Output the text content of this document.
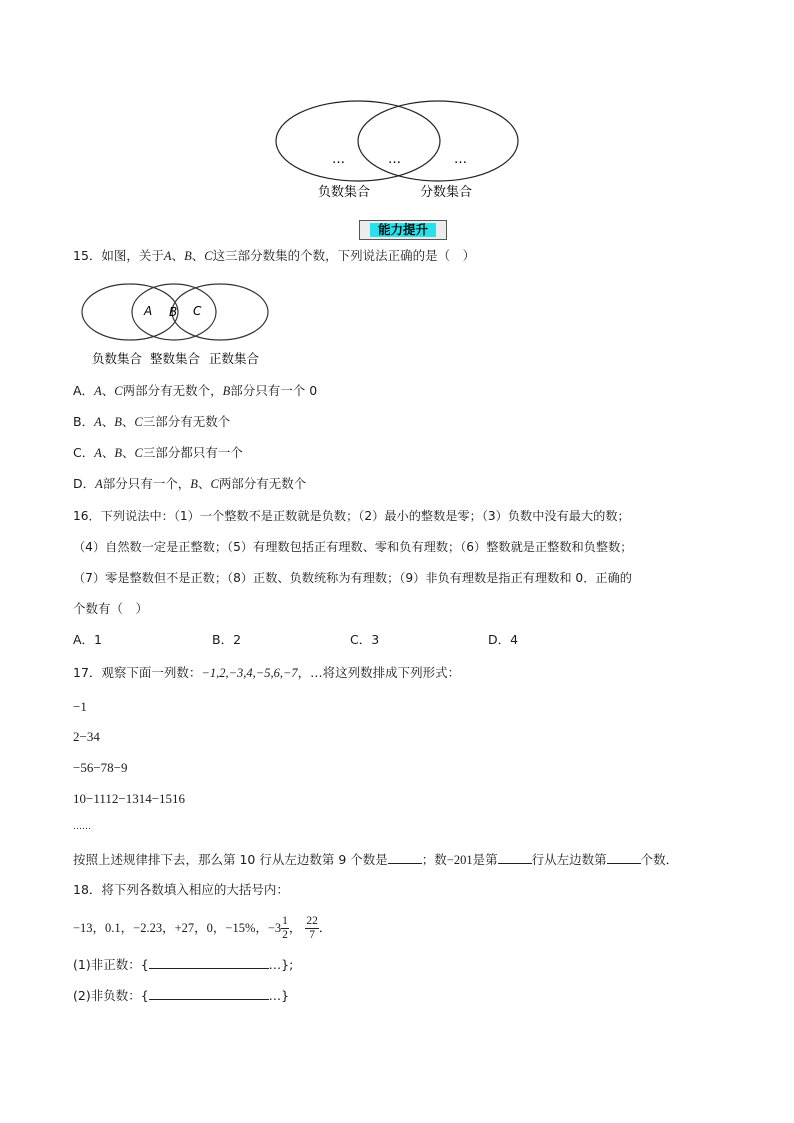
…	…	…
负数集合	分数集合
能力提升
15．如图，关于A、B、C这三部分数集的个数，下列说法正确的是（　）
A B C
负数集合 整数集合 正数集合
A．A、C两部分有无数个，B部分只有一个 0
B．A、B、C三部分有无数个
C．A、B、C三部分都只有一个
D．A部分只有一个，B、C两部分有无数个
16．下列说法中：（1）一个整数不是正数就是负数；（2）最小的整数是零；（3）负数中没有最大的数；
（4）自然数一定是正整数；（5）有理数包括正有理数、零和负有理数；（6）整数就是正整数和负整数；
（7）零是整数但不是正数；（8）正数、负数统称为有理数；（9）非负有理数是指正有理数和 0．正确的
个数有（　）
A．1	B．2	C．3	D．4
17．观察下面一列数：−1,2,−3,4,−5,6,−7，…将这列数排成下列形式：
−1
2−34
−56−78−9
10−1112−1314−1516
……
按照上述规律排下去，那么第 10 行从左边数第 9 个数是	；数−201是第	行从左边数第	个数．
18．将下列各数填入相应的大括号内：
−13，0.1，−2.23，+27，0，−15%，$-3 \frac{1}{2}$ ， $\frac{22}{7}$ ．
(1)非正数：{	…};
(2)非负数：{	…}
